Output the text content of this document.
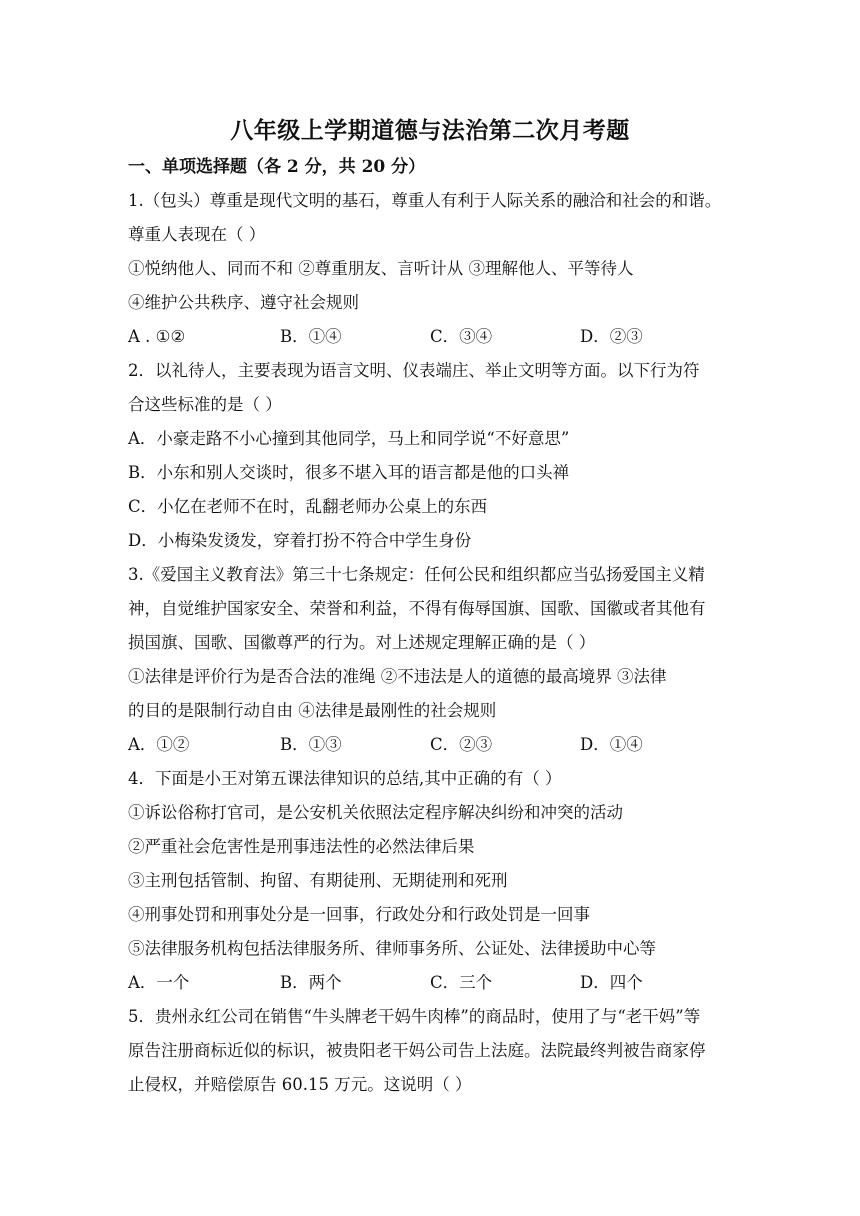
八年级上学期道德与法治第二次月考题
一、单项选择题（各 2 分，共 20 分）
1.（包头）尊重是现代文明的基石，尊重人有利于人际关系的融洽和社会的和谐。
尊重人表现在（ ）
①悦纳他人、同而不和 ②尊重朋友、言听计从 ③理解他人、平等待人
④维护公共秩序、遵守社会规则
A . ①②	B．①④	C．③④	D．②③
2．以礼待人，主要表现为语言文明、仪表端庄、举止文明等方面。以下行为符
合这些标准的是（ ）
A．小豪走路不小心撞到其他同学，马上和同学说“不好意思”
B．小东和别人交谈时，很多不堪入耳的语言都是他的口头禅
C．小亿在老师不在时，乱翻老师办公桌上的东西
D．小梅染发烫发，穿着打扮不符合中学生身份
3.《爱国主义教育法》第三十七条规定：任何公民和组织都应当弘扬爱国主义精
神，自觉维护国家安全、荣誉和利益，不得有侮辱国旗、国歌、国徽或者其他有
损国旗、国歌、国徽尊严的行为。对上述规定理解正确的是（ ）
①法律是评价行为是否合法的准绳 ②不违法是人的道德的最高境界 ③法律
的目的是限制行动自由 ④法律是最刚性的社会规则
A．①②	B．①③	C．②③	D．①④
4．下面是小王对第五课法律知识的总结,其中正确的有（ ）
①诉讼俗称打官司，是公安机关依照法定程序解决纠纷和冲突的活动
②严重社会危害性是刑事违法性的必然法律后果
③主刑包括管制、拘留、有期徒刑、无期徒刑和死刑
④刑事处罚和刑事处分是一回事，行政处分和行政处罚是一回事
⑤法律服务机构包括法律服务所、律师事务所、公证处、法律援助中心等
A．一个	B．两个	C．三个	D．四个
5．贵州永红公司在销售“牛头牌老干妈牛肉棒”的商品时，使用了与“老干妈”等
原告注册商标近似的标识，被贵阳老干妈公司告上法庭。法院最终判被告商家停
止侵权，并赔偿原告 60.15 万元。这说明（ ）
